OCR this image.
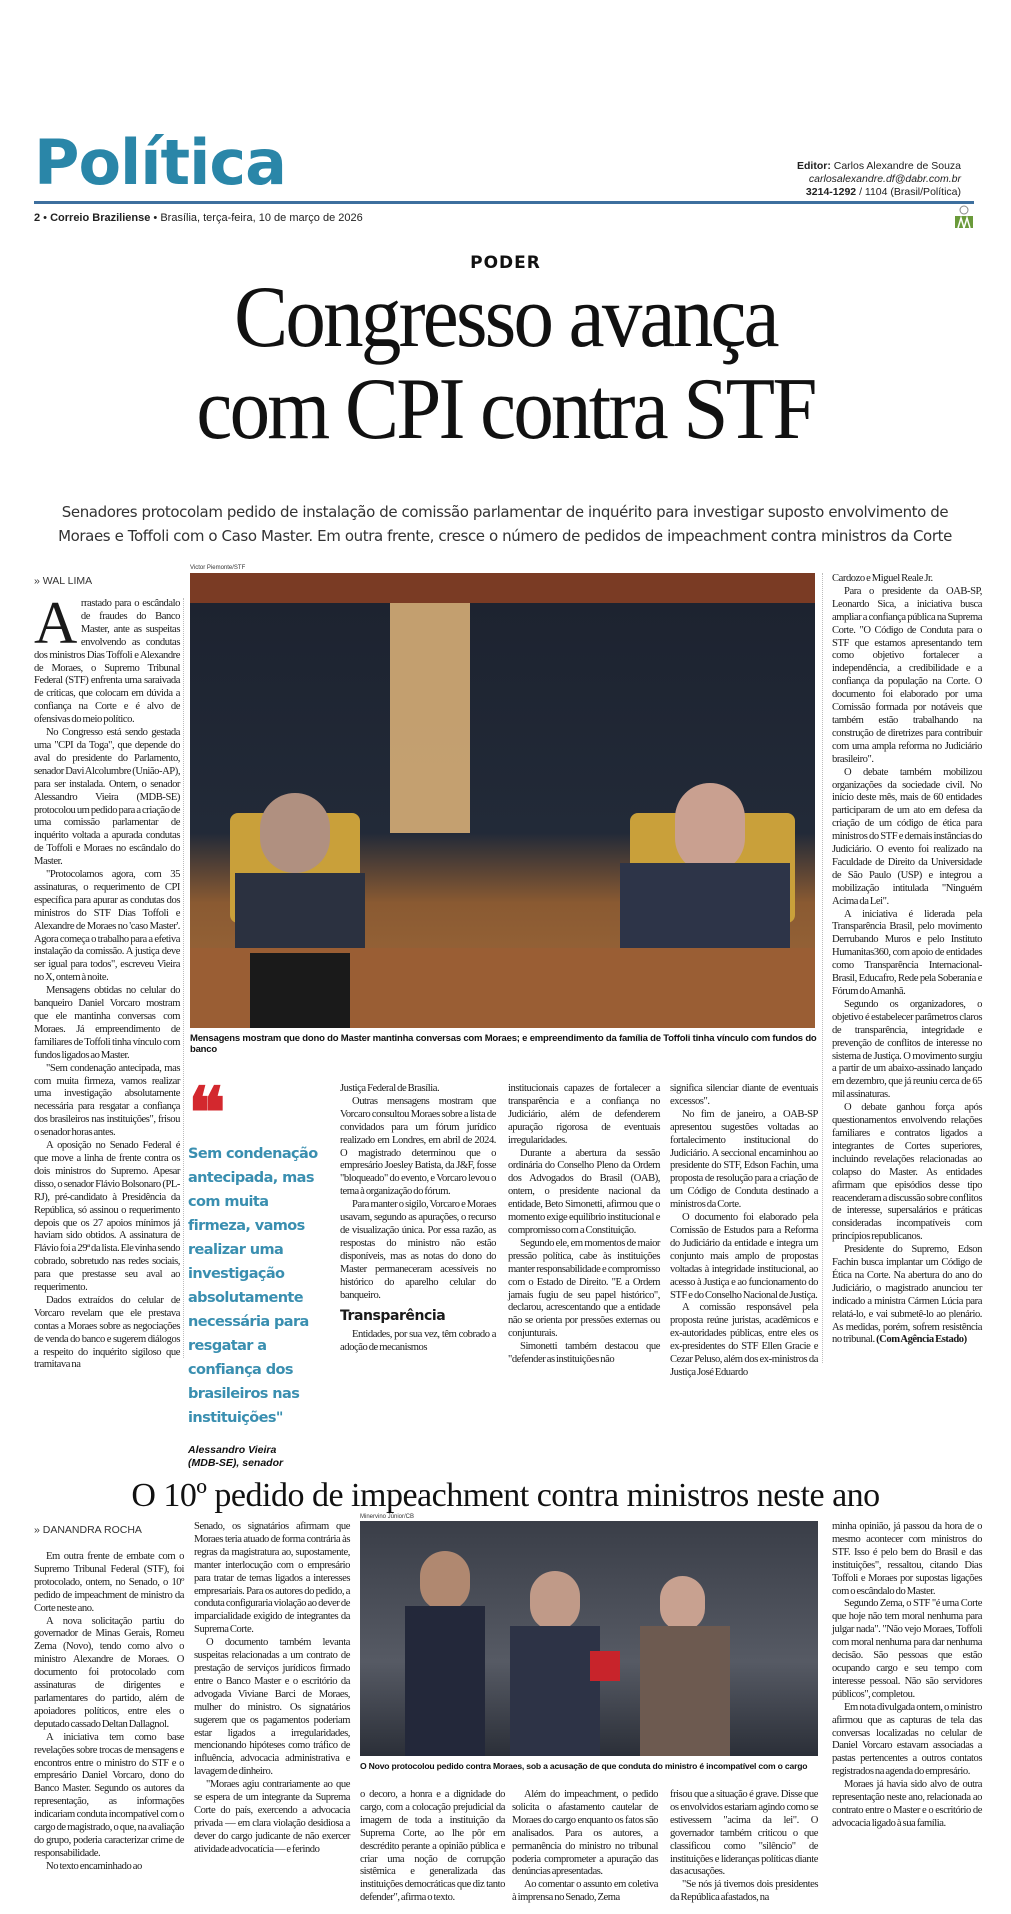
Política
2 • Correio Braziliense • Brasília, terça-feira, 10 de março de 2026
Editor: Carlos Alexandre de Souza
carlosalexandre.df@dabr.com.br
3214-1292 / 1104 (Brasil/Política)
PODER
Congresso avança
com CPI contra STF
Senadores protocolam pedido de instalação de comissão parlamentar de inquérito para investigar suposto envolvimento de Moraes e Toffoli com o Caso Master. Em outra frente, cresce o número de pedidos de impeachment contra ministros da Corte
» WAL LIMA
Victor Piemonte/STF
Mensagens mostram que dono do Master mantinha conversas com Moraes; e empreendimento da família de Toffoli tinha vínculo com fundos do banco

Arrastado para o escândalo de fraudes do Banco Master, ante as suspeitas envolvendo as condutas dos ministros Dias Toffoli e Alexandre de Moraes, o Supremo Tribunal Federal (STF) enfrenta uma saraivada de críticas, que colocam em dúvida a confiança na Corte e é alvo de ofensivas do meio político.

No Congresso está sendo gestada uma "CPI da Toga", que depende do aval do presidente do Parlamento, senador Davi Alcolumbre (União-AP), para ser instalada. Ontem, o senador Alessandro Vieira (MDB-SE) protocolou um pedido para a criação de uma comissão parlamentar de inquérito voltada a apurada condutas de Toffoli e Moraes no escândalo do Master.

"Protocolamos agora, com 35 assinaturas, o requerimento de CPI específica para apurar as condutas dos ministros do STF Dias Toffoli e Alexandre de Moraes no 'caso Master'. Agora começa o trabalho para a efetiva instalação da comissão. A justiça deve ser igual para todos", escreveu Vieira no X, ontem à noite.

Mensagens obtidas no celular do banqueiro Daniel Vorcaro mostram que ele mantinha conversas com Moraes. Já empreendimento de familiares de Toffoli tinha vínculo com fundos ligados ao Master.

"Sem condenação antecipada, mas com muita firmeza, vamos realizar uma investigação absolutamente necessária para resgatar a confiança dos brasileiros nas instituições", frisou o senador horas antes.

A oposição no Senado Federal é que move a linha de frente contra os dois ministros do Supremo. Apesar disso, o senador Flávio Bolsonaro (PL-RJ), pré-candidato à Presidência da República, só assinou o requerimento depois que os 27 apoios mínimos já haviam sido obtidos. A assinatura de Flávio foi a 29ª da lista. Ele vinha sendo cobrado, sobretudo nas redes sociais, para que prestasse seu aval ao requerimento.

Dados extraídos do celular de Vorcaro revelam que ele prestava contas a Moraes sobre as negociações de venda do banco e sugerem diálogos a respeito do inquérito sigiloso que tramitava na

❝
Sem condenação antecipada, mas com muita firmeza, vamos realizar uma investigação absolutamente necessária para resgatar a confiança dos brasileiros nas instituições"
Alessandro Vieira
(MDB-SE), senador

Justiça Federal de Brasília.

Outras mensagens mostram que Vorcaro consultou Moraes sobre a lista de convidados para um fórum jurídico realizado em Londres, em abril de 2024. O magistrado determinou que o empresário Joesley Batista, da J&F, fosse "bloqueado" do evento, e Vorcaro levou o tema à organização do fórum.

Para manter o sigilo, Vorcaro e Moraes usavam, segundo as apurações, o recurso de visualização única. Por essa razão, as respostas do ministro não estão disponíveis, mas as notas do dono do Master permaneceram acessíveis no histórico do aparelho celular do banqueiro.

Transparência

Entidades, por sua vez, têm cobrado a adoção de mecanismos

institucionais capazes de fortalecer a transparência e a confiança no Judiciário, além de defenderem apuração rigorosa de eventuais irregularidades.

Durante a abertura da sessão ordinária do Conselho Pleno da Ordem dos Advogados do Brasil (OAB), ontem, o presidente nacional da entidade, Beto Simonetti, afirmou que o momento exige equilíbrio institucional e compromisso com a Constituição.

Segundo ele, em momentos de maior pressão política, cabe às instituições manter responsabilidade e compromisso com o Estado de Direito. "E a Ordem jamais fugiu de seu papel histórico", declarou, acrescentando que a entidade não se orienta por pressões externas ou conjunturais.

Simonetti também destacou que "defender as instituições não

significa silenciar diante de eventuais excessos".

No fim de janeiro, a OAB-SP apresentou sugestões voltadas ao fortalecimento institucional do Judiciário. A seccional encaminhou ao presidente do STF, Edson Fachin, uma proposta de resolução para a criação de um Código de Conduta destinado a ministros da Corte.

O documento foi elaborado pela Comissão de Estudos para a Reforma do Judiciário da entidade e integra um conjunto mais amplo de propostas voltadas à integridade institucional, ao acesso à Justiça e ao funcionamento do STF e do Conselho Nacional de Justiça.

A comissão responsável pela proposta reúne juristas, acadêmicos e ex-autoridades públicas, entre eles os ex-presidentes do STF Ellen Gracie e Cezar Peluso, além dos ex-ministros da Justiça José Eduardo

Cardozo e Miguel Reale Jr.

Para o presidente da OAB-SP, Leonardo Sica, a iniciativa busca ampliar a confiança pública na Suprema Corte. "O Código de Conduta para o STF que estamos apresentando tem como objetivo fortalecer a independência, a credibilidade e a confiança da população na Corte. O documento foi elaborado por uma Comissão formada por notáveis que também estão trabalhando na construção de diretrizes para contribuir com uma ampla reforma no Judiciário brasileiro".

O debate também mobilizou organizações da sociedade civil. No início deste mês, mais de 60 entidades participaram de um ato em defesa da criação de um código de ética para ministros do STF e demais instâncias do Judiciário. O evento foi realizado na Faculdade de Direito da Universidade de São Paulo (USP) e integrou a mobilização intitulada "Ninguém Acima da Lei".

A iniciativa é liderada pela Transparência Brasil, pelo movimento Derrubando Muros e pelo Instituto Humanitas360, com apoio de entidades como Transparência Internacional-Brasil, Educafro, Rede pela Soberania e Fórum do Amanhã.

Segundo os organizadores, o objetivo é estabelecer parâmetros claros de transparência, integridade e prevenção de conflitos de interesse no sistema de Justiça. O movimento surgiu a partir de um abaixo-assinado lançado em dezembro, que já reuniu cerca de 65 mil assinaturas.

O debate ganhou força após questionamentos envolvendo relações familiares e contratos ligados a integrantes de Cortes superiores, incluindo revelações relacionadas ao colapso do Master. As entidades afirmam que episódios desse tipo reacenderam a discussão sobre conflitos de interesse, supersalários e práticas consideradas incompatíveis com princípios republicanos.

Presidente do Supremo, Edson Fachin busca implantar um Código de Ética na Corte. Na abertura do ano do Judiciário, o magistrado anunciou ter indicado a ministra Cármen Lúcia para relatá-lo, e vai submetê-lo ao plenário. As medidas, porém, sofrem resistência no tribunal. (Com Agência Estado)

O 10º pedido de impeachment contra ministros neste ano
» DANANDRA ROCHA

Em outra frente de embate com o Supremo Tribunal Federal (STF), foi protocolado, ontem, no Senado, o 10º pedido de impeachment de ministro da Corte neste ano.

A nova solicitação partiu do governador de Minas Gerais, Romeu Zema (Novo), tendo como alvo o ministro Alexandre de Moraes. O documento foi protocolado com assinaturas de dirigentes e parlamentares do partido, além de apoiadores políticos, entre eles o deputado cassado Deltan Dallagnol.

A iniciativa tem como base revelações sobre trocas de mensagens e encontros entre o ministro do STF e o empresário Daniel Vorcaro, dono do Banco Master. Segundo os autores da representação, as informações indicariam conduta incompatível com o cargo de magistrado, o que, na avaliação do grupo, poderia caracterizar crime de responsabilidade.

No texto encaminhado ao

Senado, os signatários afirmam que Moraes teria atuado de forma contrária às regras da magistratura ao, supostamente, manter interlocução com o empresário para tratar de temas ligados a interesses empresariais. Para os autores do pedido, a conduta configuraria violação ao dever de imparcialidade exigido de integrantes da Suprema Corte.

O documento também levanta suspeitas relacionadas a um contrato de prestação de serviços jurídicos firmado entre o Banco Master e o escritório da advogada Viviane Barci de Moraes, mulher do ministro. Os signatários sugerem que os pagamentos poderiam estar ligados a irregularidades, mencionando hipóteses como tráfico de influência, advocacia administrativa e lavagem de dinheiro.

"Moraes agiu contrariamente ao que se espera de um integrante da Suprema Corte do país, exercendo a advocacia privada — em clara violação desidiosa a dever do cargo judicante de não exercer atividade advocatícia — e ferindo

Minervino Júnior/CB
O Novo protocolou pedido contra Moraes, sob a acusação de que conduta do ministro é incompatível com o cargo

o decoro, a honra e a dignidade do cargo, com a colocação prejudicial da imagem de toda a instituição da Suprema Corte, ao lhe pôr em descrédito perante a opinião pública e criar uma noção de corrupção sistêmica e generalizada das instituições democráticas que diz tanto defender", afirma o texto.

Além do impeachment, o pedido solicita o afastamento cautelar de Moraes do cargo enquanto os fatos são analisados. Para os autores, a permanência do ministro no tribunal poderia comprometer a apuração das denúncias apresentadas.

Ao comentar o assunto em coletiva à imprensa no Senado, Zema

frisou que a situação é grave. Disse que os envolvidos estariam agindo como se estivessem "acima da lei". O governador também criticou o que classificou como "silêncio" de instituições e lideranças políticas diante das acusações.

"Se nós já tivemos dois presidentes da República afastados, na

minha opinião, já passou da hora de o mesmo acontecer com ministros do STF. Isso é pelo bem do Brasil e das instituições", ressaltou, citando Dias Toffoli e Moraes por supostas ligações com o escândalo do Master.

Segundo Zema, o STF "é uma Corte que hoje não tem moral nenhuma para julgar nada". "Não vejo Moraes, Toffoli com moral nenhuma para dar nenhuma decisão. São pessoas que estão ocupando cargo e seu tempo com interesse pessoal. Não são servidores públicos", completou.

Em nota divulgada ontem, o ministro afirmou que as capturas de tela das conversas localizadas no celular de Daniel Vorcaro estavam associadas a pastas pertencentes a outros contatos registrados na agenda do empresário.

Moraes já havia sido alvo de outra representação neste ano, relacionada ao contrato entre o Master e o escritório de advocacia ligado à sua família.
